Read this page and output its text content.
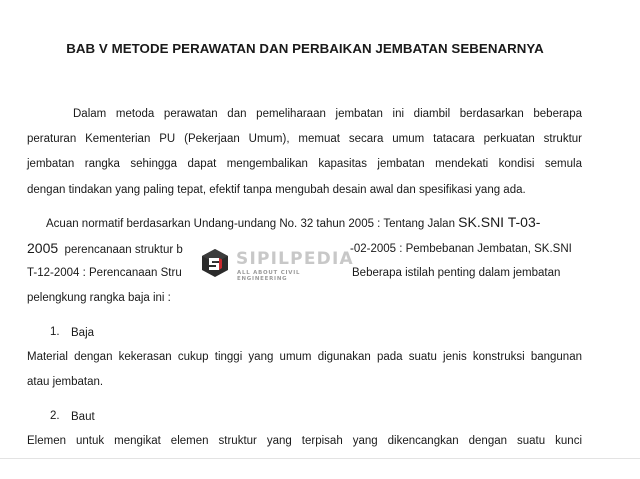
BAB V METODE PERAWATAN DAN PERBAIKAN JEMBATAN SEBENARNYA
Dalam metoda perawatan dan pemeliharaan jembatan ini diambil berdasarkan beberapa
peraturan Kementerian PU (Pekerjaan Umum), memuat secara umum tatacara perkuatan struktur
jembatan rangka sehingga dapat mengembalikan kapasitas jembatan mendekati kondisi semula
dengan tindakan yang paling tepat, efektif tanpa mengubah desain awal dan spesifikasi yang ada.
Acuan normatif berdasarkan Undang-undang No. 32 tahun 2005 : Tentang Jalan SK.SNI T-03-
2005 perencanaan struktur b	-02-2005 : Pembebanan Jembatan, SK.SNI
T-12-2004 : Perencanaan Stru	Beberapa istilah penting dalam jembatan
pelengkung rangka baja ini :
1. Baja
Material dengan kekerasan cukup tinggi yang umum digunakan pada suatu jenis konstruksi bangunan
atau jembatan.
2. Baut
Elemen untuk mengikat elemen struktur yang terpisah yang dikencangkan dengan suatu kunci
SIPILPEDIA
ALL ABOUT CIVIL ENGINEERING
